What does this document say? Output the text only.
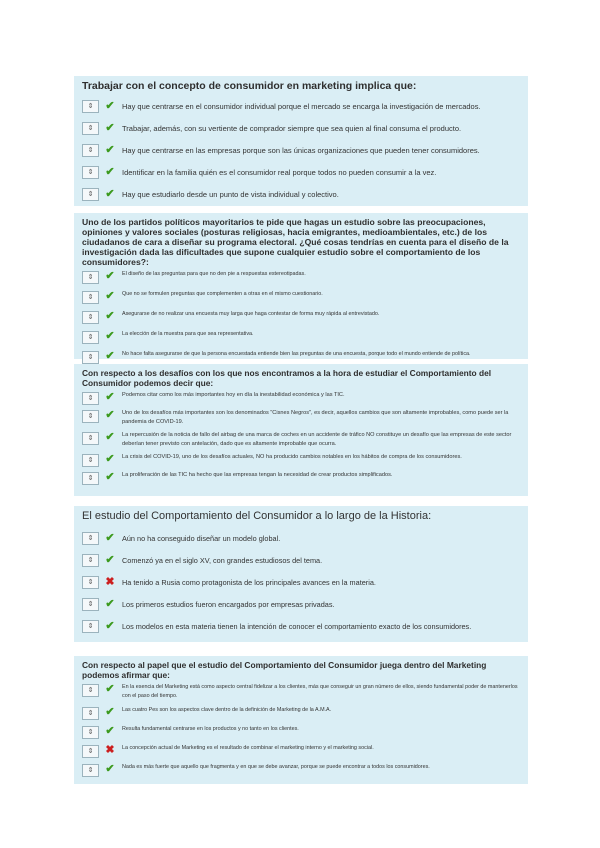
Trabajar con el concepto de consumidor en marketing implica que:
⇕	✔ Hay que centrarse en el consumidor individual porque el mercado se encarga la investigación de mercados.
⇕	✔ Trabajar, además, con su vertiente de comprador siempre que sea quien al final consuma el producto.
⇕	✔ Hay que centrarse en las empresas porque son las únicas organizaciones que pueden tener consumidores.
⇕	✔ Identificar en la familia quién es el consumidor real porque todos no pueden consumir a la vez.
⇕	✔ Hay que estudiarlo desde un punto de vista individual y colectivo.
Uno de los partidos políticos mayoritarios te pide que hagas un estudio sobre las preocupaciones, opiniones y valores sociales (posturas religiosas, hacia emigrantes, medioambientales, etc.) de los ciudadanos de cara a diseñar su programa electoral. ¿Qué cosas tendrías en cuenta para el diseño de la investigación dada las dificultades que supone cualquier estudio sobre el comportamiento de los consumidores?:
⇕	✔ El diseño de las preguntas para que no den pie a respuestas estereotipadas.
⇕	✔ Que no se formulen preguntas que complementen a otras en el mismo cuestionario.
⇕	✔ Asegurarse de no realizar una encuesta muy larga que haga contestar de forma muy rápida al entrevistado.
⇕	✔ La elección de la muestra para que sea representativa.
⇕	✔ No hace falta asegurarse de que la persona encuestada entiende bien las preguntas de una encuesta, porque todo el mundo entiende de política.
Con respecto a los desafíos con los que nos encontramos a la hora de estudiar el Comportamiento del Consumidor podemos decir que:
⇕	✔ Podemos citar como los más importantes hoy en día la inestabilidad económica y las TIC.
⇕	✔ Uno de los desafíos más importantes son los denominados "Cisnes Negros", es decir, aquellos cambios que son altamente improbables, como puede ser la pandemia de COVID-19.
⇕	✔ La repercusión de la noticia de fallo del airbag de una marca de coches en un accidente de tráfico NO constituye un desafío que las empresas de este sector deberían tener previsto con antelación, dado que es altamente improbable que ocurra.
⇕	✔ La crisis del COVID-19, uno de los desafíos actuales, NO ha producido cambios notables en los hábitos de compra de los consumidores.
⇕	✔ La proliferación de las TIC ha hecho que las empresas tengan la necesidad de crear productos simplificados.
El estudio del Comportamiento del Consumidor a lo largo de la Historia:
⇕	✔ Aún no ha conseguido diseñar un modelo global.
⇕	✔ Comenzó ya en el siglo XV, con grandes estudiosos del tema.
⇕	✖ Ha tenido a Rusia como protagonista de los principales avances en la materia.
⇕	✔ Los primeros estudios fueron encargados por empresas privadas.
⇕	✔ Los modelos en esta materia tienen la intención de conocer el comportamiento exacto de los consumidores.
Con respecto al papel que el estudio del Comportamiento del Consumidor juega dentro del Marketing podemos afirmar que:
⇕	✔ En la esencia del Marketing está como aspecto central fidelizar a los clientes, más que conseguir un gran número de ellos, siendo fundamental poder de mantenerlos con el paso del tiempo.
⇕	✔ Las cuatro Pes son los aspectos clave dentro de la definición de Marketing de la A.M.A.
⇕	✔ Resulta fundamental centrarse en los productos y no tanto en los clientes.
⇕	✖ La concepción actual de Marketing es el resultado de combinar el marketing interno y el marketing social.
⇕	✔ Nada es más fuerte que aquello que fragmenta y en que se debe avanzar, porque se puede encontrar a todos los consumidores.
